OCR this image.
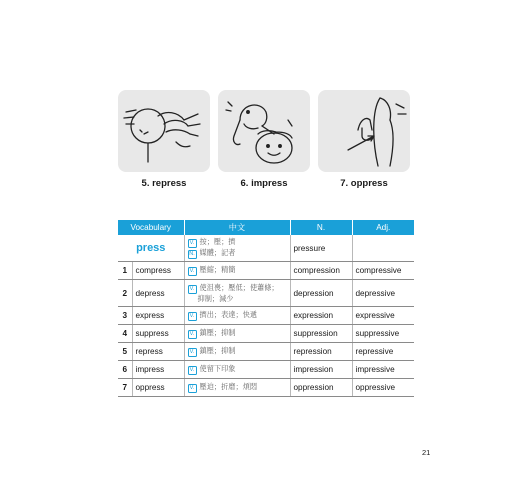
5. repress	6. impress	7. oppress
Vocabulary		中文	N.	Adj.

press		V. 按；壓；擠
N. 媒體；記者	pressure	
1	compress	V. 壓縮；精簡	compression	compressive
2	depress	V. 使沮喪；壓低；使蕭條；
抑制；減少	depression	depressive
3	express	V. 擠出；表達；快遞	expression	expressive
4	suppress	V. 鎮壓；抑制	suppression	suppressive
5	repress	V. 鎮壓；抑制	repression	repressive
6	impress	V. 使留下印象	impression	impressive
7	oppress	V. 壓迫；折磨；煩悶	oppression	oppressive
21
